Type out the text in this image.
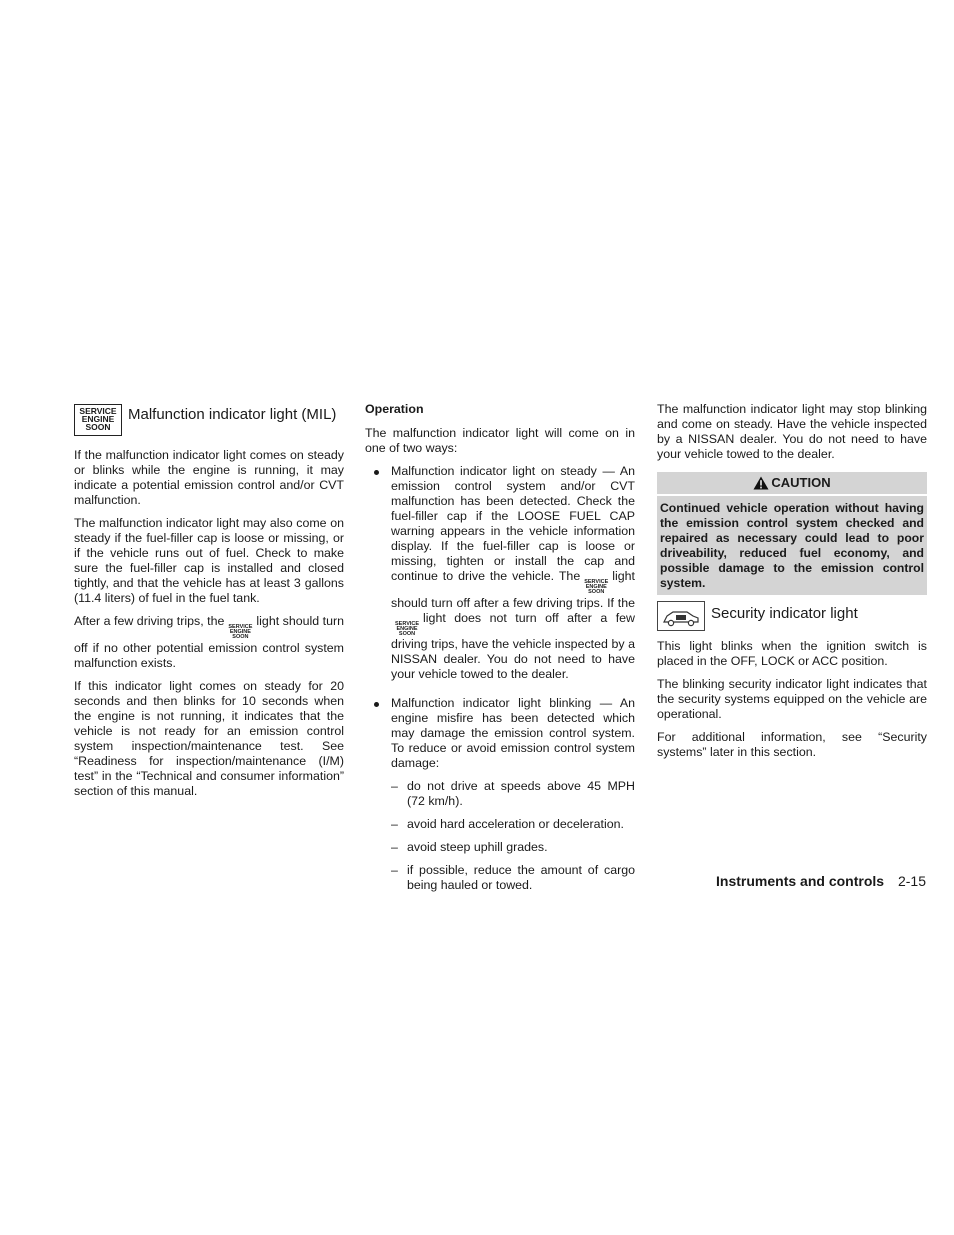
SERVICE
ENGINE
SOON
Malfunction indicator light (MIL)

If the malfunction indicator light comes on steady or blinks while the engine is running, it may indicate a potential emission control and/or CVT malfunction.

The malfunction indicator light may also come on steady if the fuel-filler cap is loose or missing, or if the vehicle runs out of fuel. Check to make sure the fuel-filler cap is installed and closed tightly, and that the vehicle has at least 3 gallons (11.4 liters) of fuel in the fuel tank.

After a few driving trips, the SERVICE
ENGINE
SOON
light should turn off if no other potential emission control system malfunction exists.

If this indicator light comes on steady for 20 seconds and then blinks for 10 seconds when the engine is not running, it indicates that the vehicle is not ready for an emission control system inspection/maintenance test. See “Readiness for inspection/maintenance (I/M) test” in the “Technical and consumer information” section of this manual.

Operation

The malfunction indicator light will come on in one of two ways:

Malfunction indicator light on steady — An emission control system and/or CVT malfunction has been detected. Check the fuel-filler cap if the LOOSE FUEL CAP warning appears in the vehicle information display. If the fuel-filler cap is loose or missing, tighten or install the cap and continue to drive the vehicle. The SERVICE
ENGINE
SOON
light should turn off after a few driving trips. If the
SERVICE
ENGINE
SOON
light does not turn off after a few driving trips, have the vehicle inspected by a NISSAN dealer. You do not need to have your vehicle towed to the dealer.
Malfunction indicator light blinking — An engine misfire has been detected which may damage the emission control system. To reduce or avoid emission control system damage:
– do not drive at speeds above 45 MPH (72 km/h).
– avoid hard acceleration or deceleration.
– avoid steep uphill grades.
– if possible, reduce the amount of cargo being hauled or towed.

The malfunction indicator light may stop blinking and come on steady. Have the vehicle inspected by a NISSAN dealer. You do not need to have your vehicle towed to the dealer.

CAUTION
Continued vehicle operation without having the emission control system checked and repaired as necessary could lead to poor driveability, reduced fuel economy, and possible damage to the emission control system.
Security indicator light

This light blinks when the ignition switch is placed in the OFF, LOCK or ACC position.

The blinking security indicator light indicates that the security systems equipped on the vehicle are operational.

For additional information, see “Security systems” later in this section.

Instruments and controls 2-15
